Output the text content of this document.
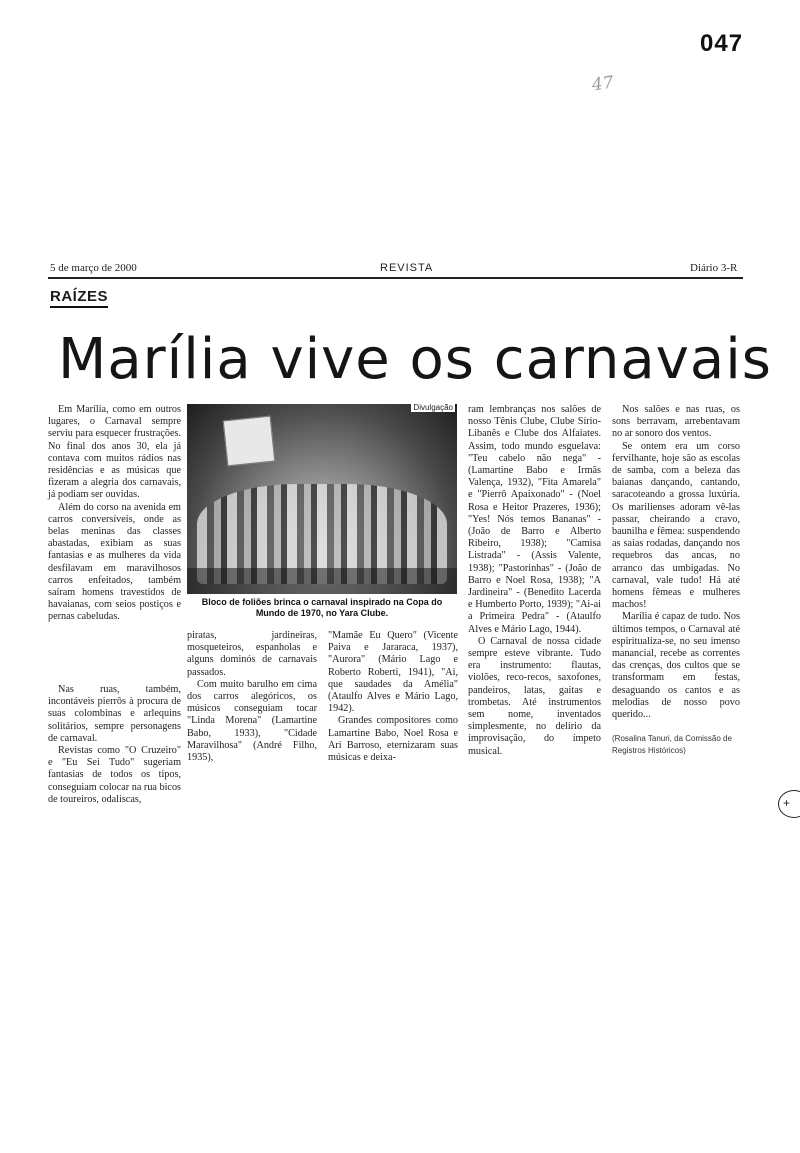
047
47
5 de março de 2000	REVISTA	Diário 3-R
RAÍZES
Marília vive os carnavais

Em Marília, como em outros lugares, o Carnaval sempre serviu para esquecer frustrações. No final dos anos 30, ela já contava com muitos rádios nas residências e as músicas que fizeram a alegria dos carnavais, já podiam ser ouvidas.

Além do corso na avenida em carros conversíveis, onde as belas meninas das classes abastadas, exibiam as suas fantasias e as mulheres da vida desfilavam em maravilhosos carros enfeitados, também saíram homens travestidos de havaianas, com seios postiços e pernas cabeludas.

Nas ruas, também, incontáveis pierrôs à procura de suas colombinas e arlequins solitários, sempre personagens de carnaval.

Revistas como "O Cruzeiro" e "Eu Sei Tudo" sugeriam fantasias de todos os tipos, conseguiam colocar na rua bicos de toureiros, odaliscas,

Divulgação
Bloco de foliões brinca o carnaval inspirado na Copa do Mundo de 1970, no Yara Clube.

piratas, jardineiras, mosqueteiros, espanholas e alguns dominós de carnavais passados.

Com muito barulho em cima dos carros alegóricos, os músicos conseguiam tocar "Linda Morena" (Lamartine Babo, 1933), "Cidade Maravilhosa" (André Filho, 1935),

"Mamãe Eu Quero" (Vicente Paiva e Jararaca, 1937), "Aurora" (Mário Lago e Roberto Roberti, 1941), "Ai, que saudades da Amélia" (Ataulfo Alves e Mário Lago, 1942).

Grandes compositores como Lamartine Babo, Noel Rosa e Ari Barroso, eternizaram suas músicas e deixa-

ram lembranças nos salões de nosso Tênis Clube, Clube Sírio-Libanês e Clube dos Alfaiates. Assim, todo mundo esguelava: "Teu cabelo não nega" - (Lamartine Babo e Irmãs Valença, 1932), "Fita Amarela" e "Pierrô Apaixonado" - (Noel Rosa e Heitor Prazeres, 1936); "Yes! Nós temos Bananas" - (João de Barro e Alberto Ribeiro, 1938); "Camisa Listrada" - (Assis Valente, 1938); "Pastorinhas" - (João de Barro e Noel Rosa, 1938); "A Jardineira" - (Benedito Lacerda e Humberto Porto, 1939); "Ai-ai a Primeira Pedra" - (Ataulfo Alves e Mário Lago, 1944).

O Carnaval de nossa cidade sempre esteve vibrante. Tudo era instrumento: flautas, violões, reco-recos, saxofones, pandeiros, latas, gaitas e trombetas. Até instrumentos sem nome, inventados simplesmente, no delírio da improvisação, do ímpeto musical.

Nos salões e nas ruas, os sons berravam, arrebentavam no ar sonoro dos ventos.

Se ontem era um corso fervilhante, hoje são as escolas de samba, com a beleza das baianas dançando, cantando, saracoteando a grossa luxúria. Os marilienses adoram vê-las passar, cheirando a cravo, baunilha e fêmea: suspendendo as saias rodadas, dançando nos requebros das ancas, no arranco das umbigadas. No carnaval, vale tudo! Há até homens fêmeas e mulheres machos!

Marília é capaz de tudo. Nos últimos tempos, o Carnaval até espiritualiza-se, no seu imenso manancial, recebe as correntes das crenças, dos cultos que se transformam em festas, desaguando os cantos e as melodias de nosso povo querido...

(Rosalina Tanuri, da Comissão de Registros Históricos)
+
